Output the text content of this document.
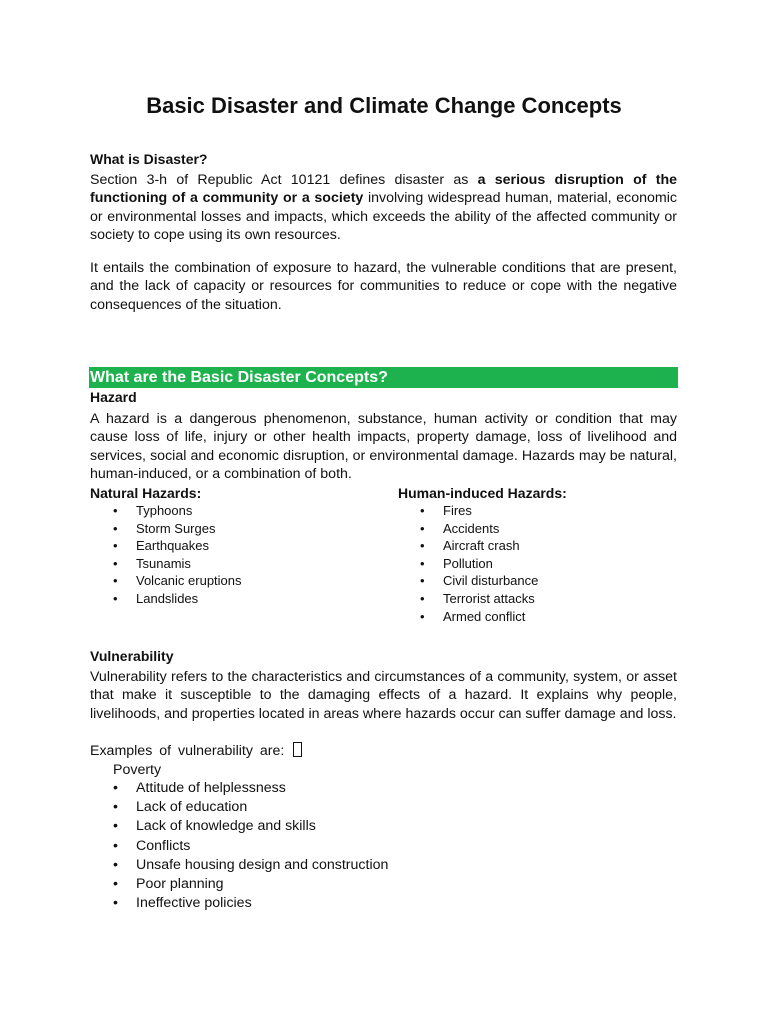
Basic Disaster and Climate Change Concepts
What is Disaster?

Section 3-h of Republic Act 10121 defines disaster as a serious disruption of the functioning of a community or a society involving widespread human, material, economic or environmental losses and impacts, which exceeds the ability of the affected community or society to cope using its own resources.

It entails the combination of exposure to hazard, the vulnerable conditions that are present, and the lack of capacity or resources for communities to reduce or cope with the negative consequences of the situation.

What are the Basic Disaster Concepts?
Hazard

A hazard is a dangerous phenomenon, substance, human activity or condition that may cause loss of life, injury or other health impacts, property damage, loss of livelihood and services, social and economic disruption, or environmental damage. Hazards may be natural, human-induced, or a combination of both.

Natural Hazards:
• Typhoons
• Storm Surges
• Earthquakes
• Tsunamis
• Volcanic eruptions
• Landslides
Human-induced Hazards:
• Fires
• Accidents
• Aircraft crash
• Pollution
• Civil disturbance
• Terrorist attacks
• Armed conflict
Vulnerability

Vulnerability refers to the characteristics and circumstances of a community, system, or asset that make it susceptible to the damaging effects of a hazard. It explains why people, livelihoods, and properties located in areas where hazards occur can suffer damage and loss.

Examples of vulnerability are:

Poverty

• Attitude of helplessness
• Lack of education
• Lack of knowledge and skills
• Conflicts
• Unsafe housing design and construction
• Poor planning
• Ineffective policies
